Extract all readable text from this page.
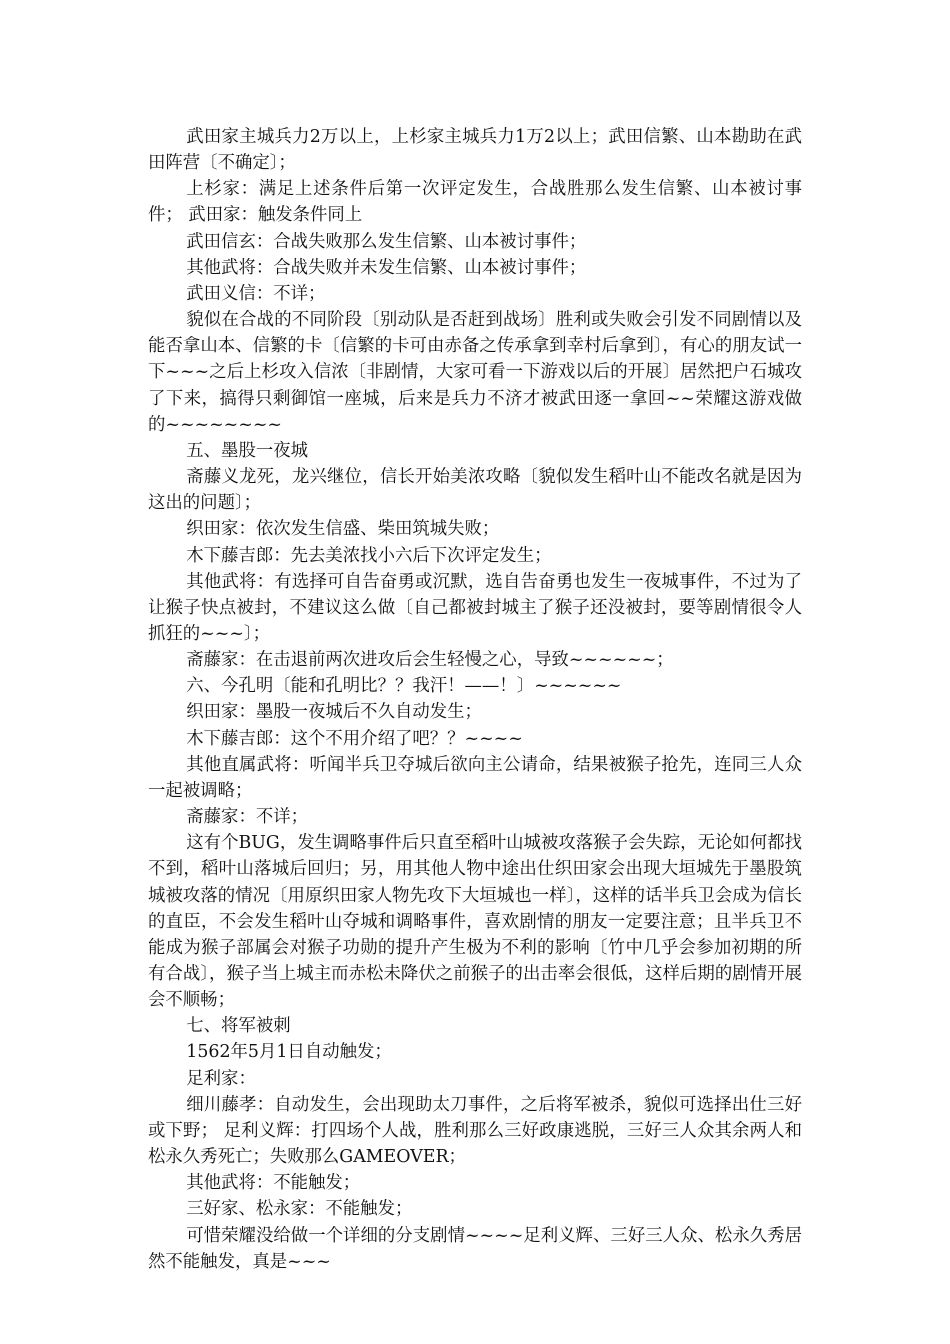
武田家主城兵力2万以上，上杉家主城兵力1万2以上；武田信繁、山本勘助在武田阵营〔不确定〕；

上杉家：满足上述条件后第一次评定发生，合战胜那么发生信繁、山本被讨事件； 武田家：触发条件同上

武田信玄：合战失败那么发生信繁、山本被讨事件；

其他武将：合战失败并未发生信繁、山本被讨事件；

武田义信：不详；

貌似在合战的不同阶段〔别动队是否赶到战场〕胜利或失败会引发不同剧情以及能否拿山本、信繁的卡〔信繁的卡可由赤备之传承拿到幸村后拿到〕，有心的朋友试一下~~~之后上杉攻入信浓〔非剧情，大家可看一下游戏以后的开展〕居然把户石城攻了下来，搞得只剩御馆一座城，后来是兵力不济才被武田逐一拿回~~荣耀这游戏做的~~~~~~~~

五、墨股一夜城

斋藤义龙死，龙兴继位，信长开始美浓攻略〔貌似发生稻叶山不能改名就是因为这出的问题〕；

织田家：依次发生信盛、柴田筑城失败；

木下藤吉郎：先去美浓找小六后下次评定发生；

其他武将：有选择可自告奋勇或沉默，选自告奋勇也发生一夜城事件，不过为了让猴子快点被封，不建议这么做〔自己都被封城主了猴子还没被封，要等剧情很令人抓狂的~~~〕；

斋藤家：在击退前两次进攻后会生轻慢之心，导致~~~~~~；

六、今孔明〔能和孔明比？？我汗！——！〕~~~~~~

织田家：墨股一夜城后不久自动发生；

木下藤吉郎：这个不用介绍了吧？？~~~~

其他直属武将：听闻半兵卫夺城后欲向主公请命，结果被猴子抢先，连同三人众一起被调略；

斋藤家：不详；

这有个BUG，发生调略事件后只直至稻叶山城被攻落猴子会失踪，无论如何都找不到，稻叶山落城后回归；另，用其他人物中途出仕织田家会出现大垣城先于墨股筑城被攻落的情况〔用原织田家人物先攻下大垣城也一样〕，这样的话半兵卫会成为信长的直臣，不会发生稻叶山夺城和调略事件，喜欢剧情的朋友一定要注意；且半兵卫不能成为猴子部属会对猴子功勋的提升产生极为不利的影响〔竹中几乎会参加初期的所有合战〕，猴子当上城主而赤松未降伏之前猴子的出击率会很低，这样后期的剧情开展会不顺畅；

七、将军被刺

1562年5月1日自动触发；

足利家：

细川藤孝：自动发生，会出现助太刀事件，之后将军被杀，貌似可选择出仕三好或下野； 足利义辉：打四场个人战，胜利那么三好政康逃脱，三好三人众其余两人和松永久秀死亡；失败那么GAMEOVER；

其他武将：不能触发；

三好家、松永家：不能触发；

可惜荣耀没给做一个详细的分支剧情~~~~足利义辉、三好三人众、松永久秀居然不能触发，真是~~~
